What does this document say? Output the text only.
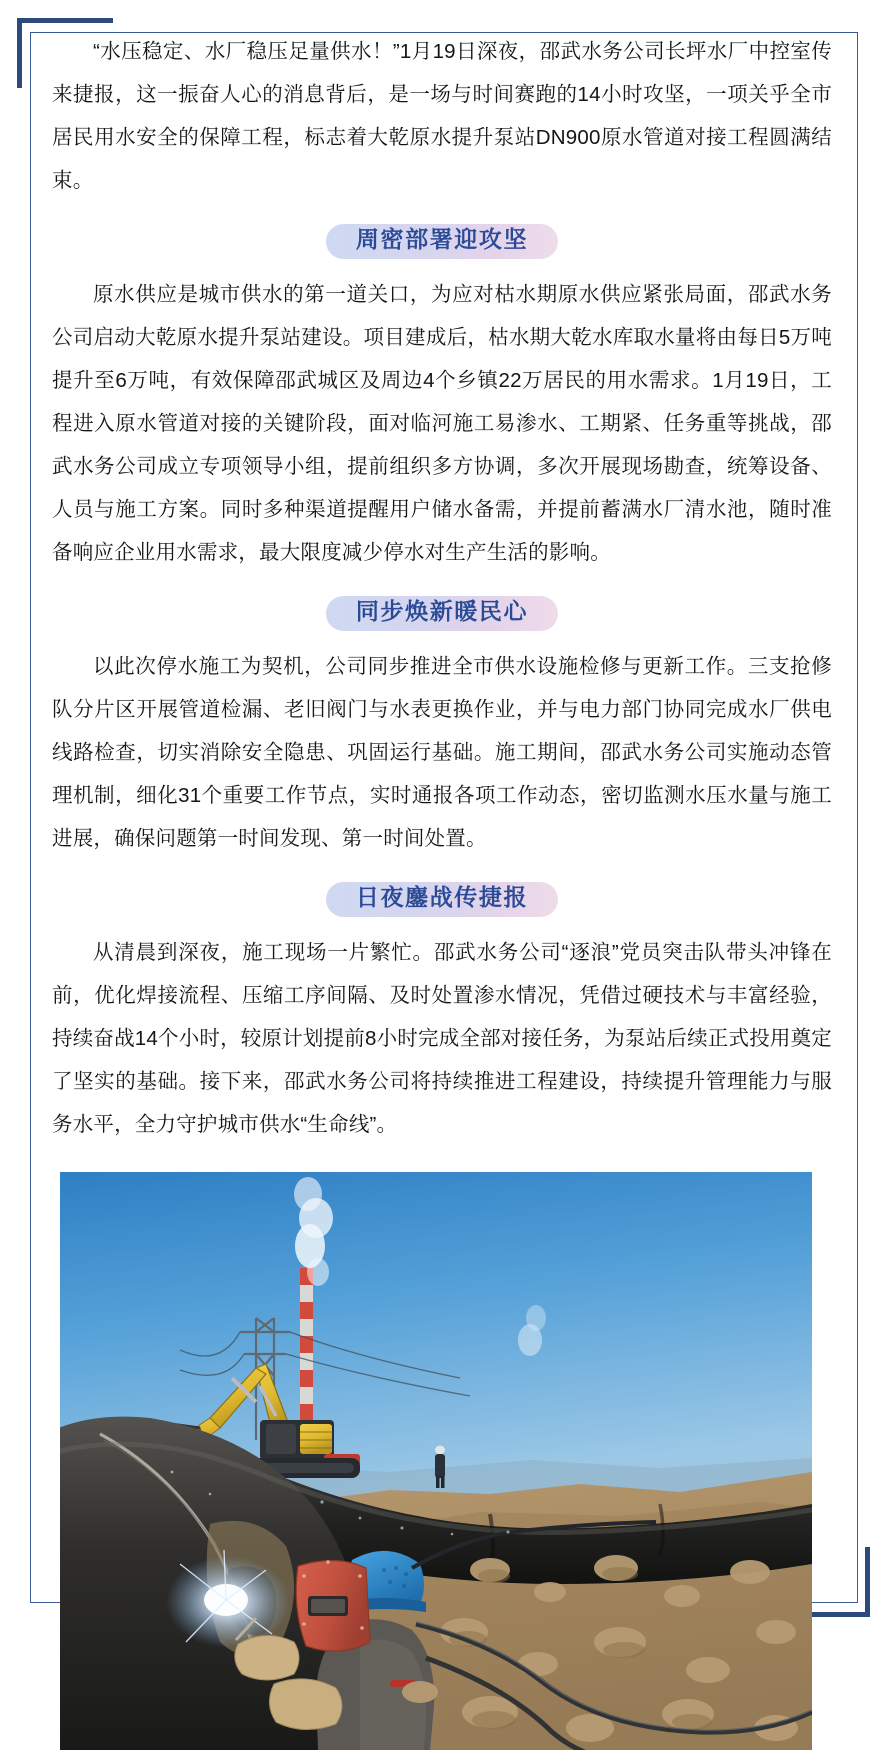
“水压稳定、水厂稳压足量供水！”1月19日深夜，邵武水务公司长坪水厂中控室传来捷报，这一振奋人心的消息背后，是一场与时间赛跑的14小时攻坚，一项关乎全市居民用水安全的保障工程，标志着大乾原水提升泵站DN900原水管道对接工程圆满结束。

周密部署迎攻坚

原水供应是城市供水的第一道关口，为应对枯水期原水供应紧张局面，邵武水务公司启动大乾原水提升泵站建设。项目建成后，枯水期大乾水库取水量将由每日5万吨提升至6万吨，有效保障邵武城区及周边4个乡镇22万居民的用水需求。1月19日，工程进入原水管道对接的关键阶段，面对临河施工易渗水、工期紧、任务重等挑战，邵武水务公司成立专项领导小组，提前组织多方协调，多次开展现场勘查，统筹设备、人员与施工方案。同时多种渠道提醒用户储水备需，并提前蓄满水厂清水池，随时准备响应企业用水需求，最大限度减少停水对生产生活的影响。

同步焕新暖民心

以此次停水施工为契机，公司同步推进全市供水设施检修与更新工作。三支抢修队分片区开展管道检漏、老旧阀门与水表更换作业，并与电力部门协同完成水厂供电线路检查，切实消除安全隐患、巩固运行基础。施工期间，邵武水务公司实施动态管理机制，细化31个重要工作节点，实时通报各项工作动态，密切监测水压水量与施工进展，确保问题第一时间发现、第一时间处置。

日夜鏖战传捷报

从清晨到深夜，施工现场一片繁忙。邵武水务公司“逐浪”党员突击队带头冲锋在前，优化焊接流程、压缩工序间隔、及时处置渗水情况，凭借过硬技术与丰富经验，持续奋战14个小时，较原计划提前8小时完成全部对接任务，为泵站后续正式投用奠定了坚实的基础。接下来，邵武水务公司将持续推进工程建设，持续提升管理能力与服务水平，全力守护城市供水“生命线”。
